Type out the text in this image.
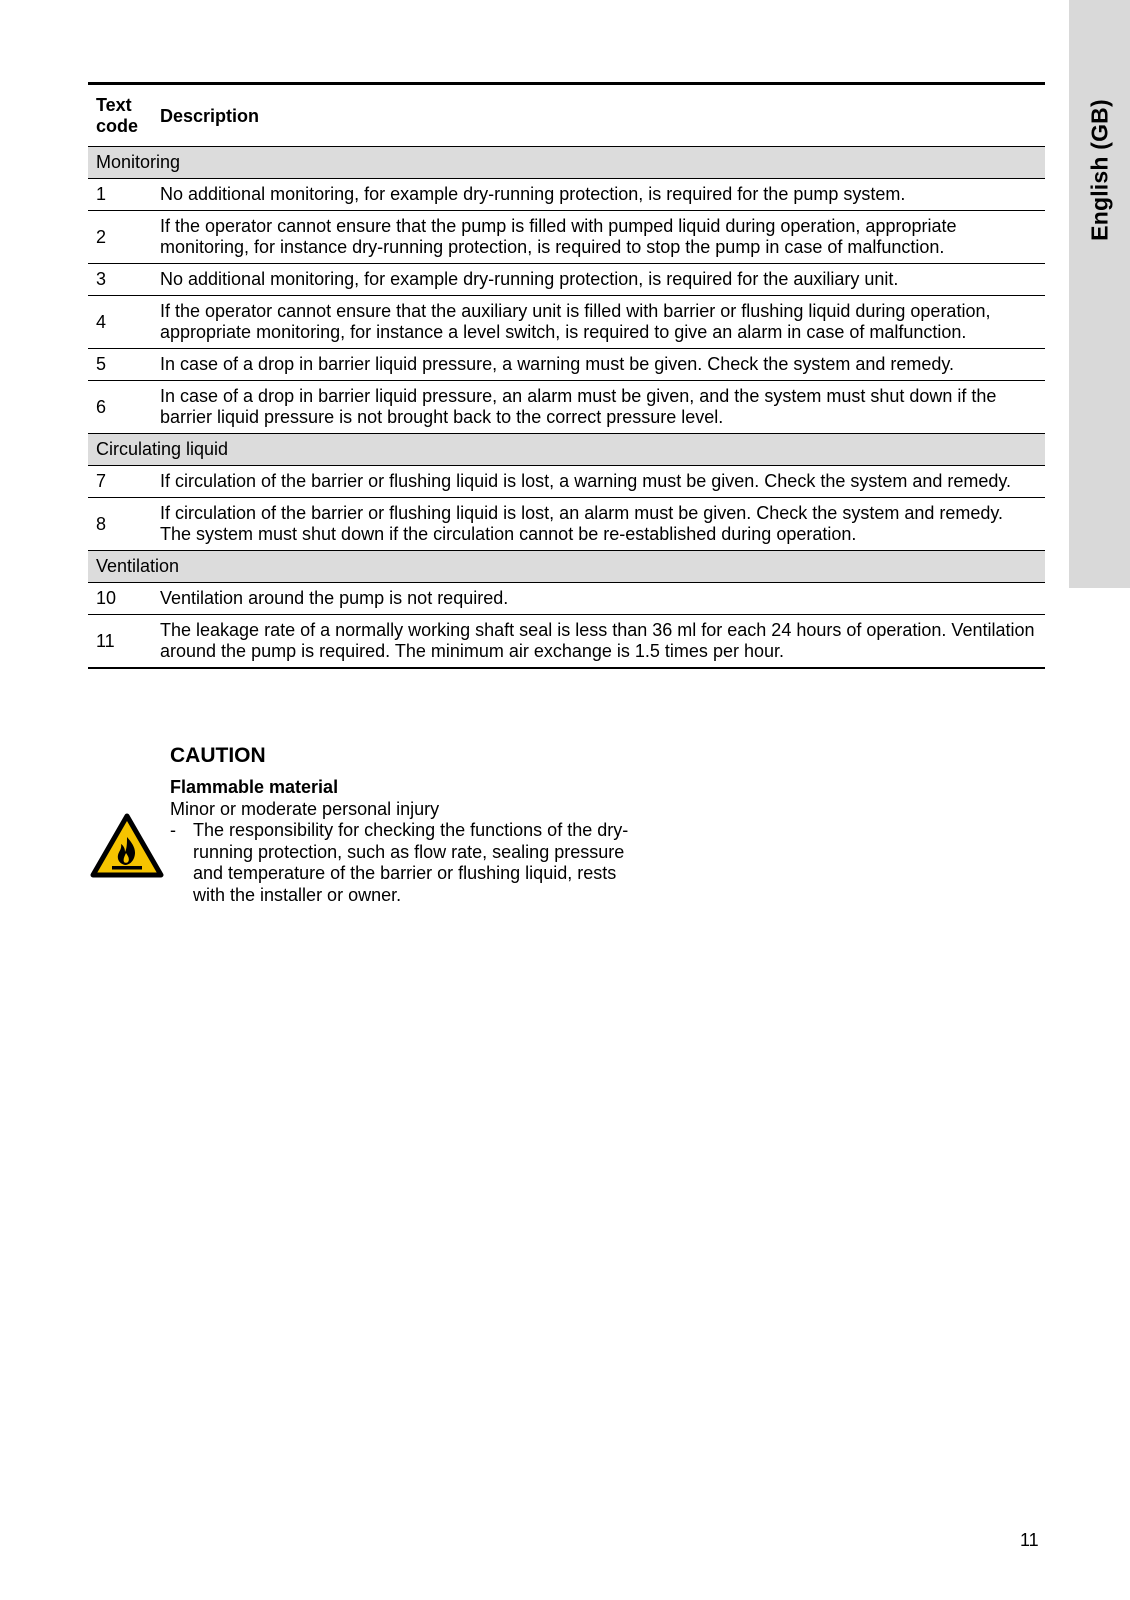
English (GB)
Text code	Description
Monitoring	
1	No additional monitoring, for example dry-running protection, is required for the pump system.
2	If the operator cannot ensure that the pump is filled with pumped liquid during operation, appropriate monitoring, for instance dry-running protection, is required to stop the pump in case of malfunction.
3	No additional monitoring, for example dry-running protection, is required for the auxiliary unit.
4	If the operator cannot ensure that the auxiliary unit is filled with barrier or flushing liquid during operation, appropriate monitoring, for instance a level switch, is required to give an alarm in case of malfunction.
5	In case of a drop in barrier liquid pressure, a warning must be given. Check the system and remedy.
6	In case of a drop in barrier liquid pressure, an alarm must be given, and the system must shut down if the barrier liquid pressure is not brought back to the correct pressure level.
Circulating liquid	
7	If circulation of the barrier or flushing liquid is lost, a warning must be given. Check the system and remedy.
8	If circulation of the barrier or flushing liquid is lost, an alarm must be given. Check the system and remedy. The system must shut down if the circulation cannot be re-established during operation.
Ventilation	
10	Ventilation around the pump is not required.
11	The leakage rate of a normally working shaft seal is less than 36 ml for each 24 hours of operation. Ventilation around the pump is required. The minimum air exchange is 1.5 times per hour.
CAUTION
Flammable material
Minor or moderate personal injury
- The responsibility for checking the functions of the dry-running protection, such as flow rate, sealing pressure and temperature of the barrier or flushing liquid, rests with the installer or owner.
11
